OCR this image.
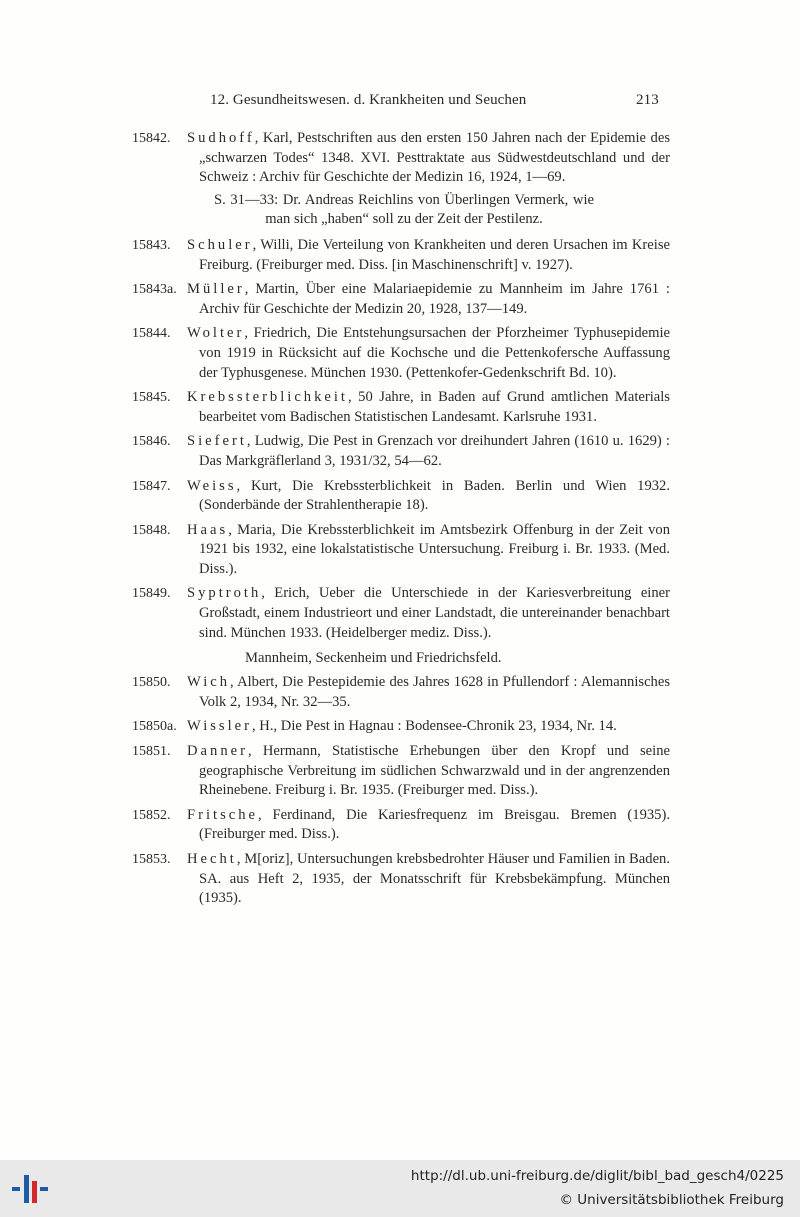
12. Gesundheitswesen. d. Krankheiten und Seuchen	213
15842. Sudhoff, Karl, Pestschriften aus den ersten 150 Jahren nach der Epidemie des „schwarzen Todes“ 1348. XVI. Pesttraktate aus Südwestdeutschland und der Schweiz : Archiv für Geschichte der Medizin 16, 1924, 1—69.
S. 31—33: Dr. Andreas Reichlins von Überlingen Vermerk, wie man sich „haben“ soll zu der Zeit der Pestilenz.
15843. Schuler, Willi, Die Verteilung von Krankheiten und deren Ursachen im Kreise Freiburg. (Freiburger med. Diss. [in Maschinenschrift] v. 1927).
15843a. Müller, Martin, Über eine Malariaepidemie zu Mannheim im Jahre 1761 : Archiv für Geschichte der Medizin 20, 1928, 137—149.
15844. Wolter, Friedrich, Die Entstehungsursachen der Pforzheimer Typhusepidemie von 1919 in Rücksicht auf die Kochsche und die Pettenkofersche Auffassung der Typhusgenese. München 1930. (Pettenkofer-Gedenkschrift Bd. 10).
15845. Krebssterblichkeit, 50 Jahre, in Baden auf Grund amtlichen Materials bearbeitet vom Badischen Statistischen Landesamt. Karlsruhe 1931.
15846. Siefert, Ludwig, Die Pest in Grenzach vor dreihundert Jahren (1610 u. 1629) : Das Markgräflerland 3, 1931/32, 54—62.
15847. Weiss, Kurt, Die Krebssterblichkeit in Baden. Berlin und Wien 1932. (Sonderbände der Strahlentherapie 18).
15848. Haas, Maria, Die Krebssterblichkeit im Amtsbezirk Offenburg in der Zeit von 1921 bis 1932, eine lokalstatistische Untersuchung. Freiburg i. Br. 1933. (Med. Diss.).
15849. Syptroth, Erich, Ueber die Unterschiede in der Kariesverbreitung einer Großstadt, einem Industrieort und einer Landstadt, die untereinander benachbart sind. München 1933. (Heidelberger mediz. Diss.).
Mannheim, Seckenheim und Friedrichsfeld.
15850. Wich, Albert, Die Pestepidemie des Jahres 1628 in Pfullendorf : Alemannisches Volk 2, 1934, Nr. 32—35.
15850a. Wissler, H., Die Pest in Hagnau : Bodensee-Chronik 23, 1934, Nr. 14.
15851. Danner, Hermann, Statistische Erhebungen über den Kropf und seine geographische Verbreitung im südlichen Schwarzwald und in der angrenzenden Rheinebene. Freiburg i. Br. 1935. (Freiburger med. Diss.).
15852. Fritsche, Ferdinand, Die Kariesfrequenz im Breisgau. Bremen (1935). (Freiburger med. Diss.).
15853. Hecht, M[oriz], Untersuchungen krebsbedrohter Häuser und Familien in Baden. SA. aus Heft 2, 1935, der Monatsschrift für Krebsbekämpfung. München (1935).
http://dl.ub.uni-freiburg.de/diglit/bibl_bad_gesch4/0225
© Universitätsbibliothek Freiburg
